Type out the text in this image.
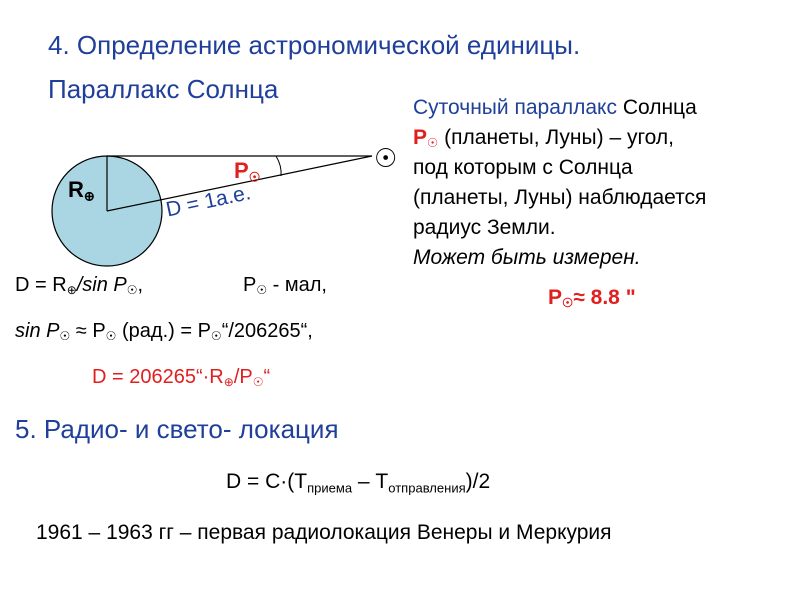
4. Определение астрономической единицы.
Параллакс Солнца
Суточный параллакс Солнца
P☉ (планеты, Луны) – угол,
под которым с Солнца
(планеты, Луны) наблюдается
радиус Земли.
Может быть измерен.
P☉≈ 8.8 "
☉
P☉
R⊕	D = 1а.е.
D = R⊕/sin P☉,	P☉ - мал,
sin P☉ ≈ P☉ (рад.) = P☉“/206265“,
D = 206265“·R⊕/P☉“
5. Радио- и свето- локация
$D = C\cdot(T_{приема} - T_{отправления})/2$
1961 – 1963 гг – первая радиолокация Венеры и Меркурия
